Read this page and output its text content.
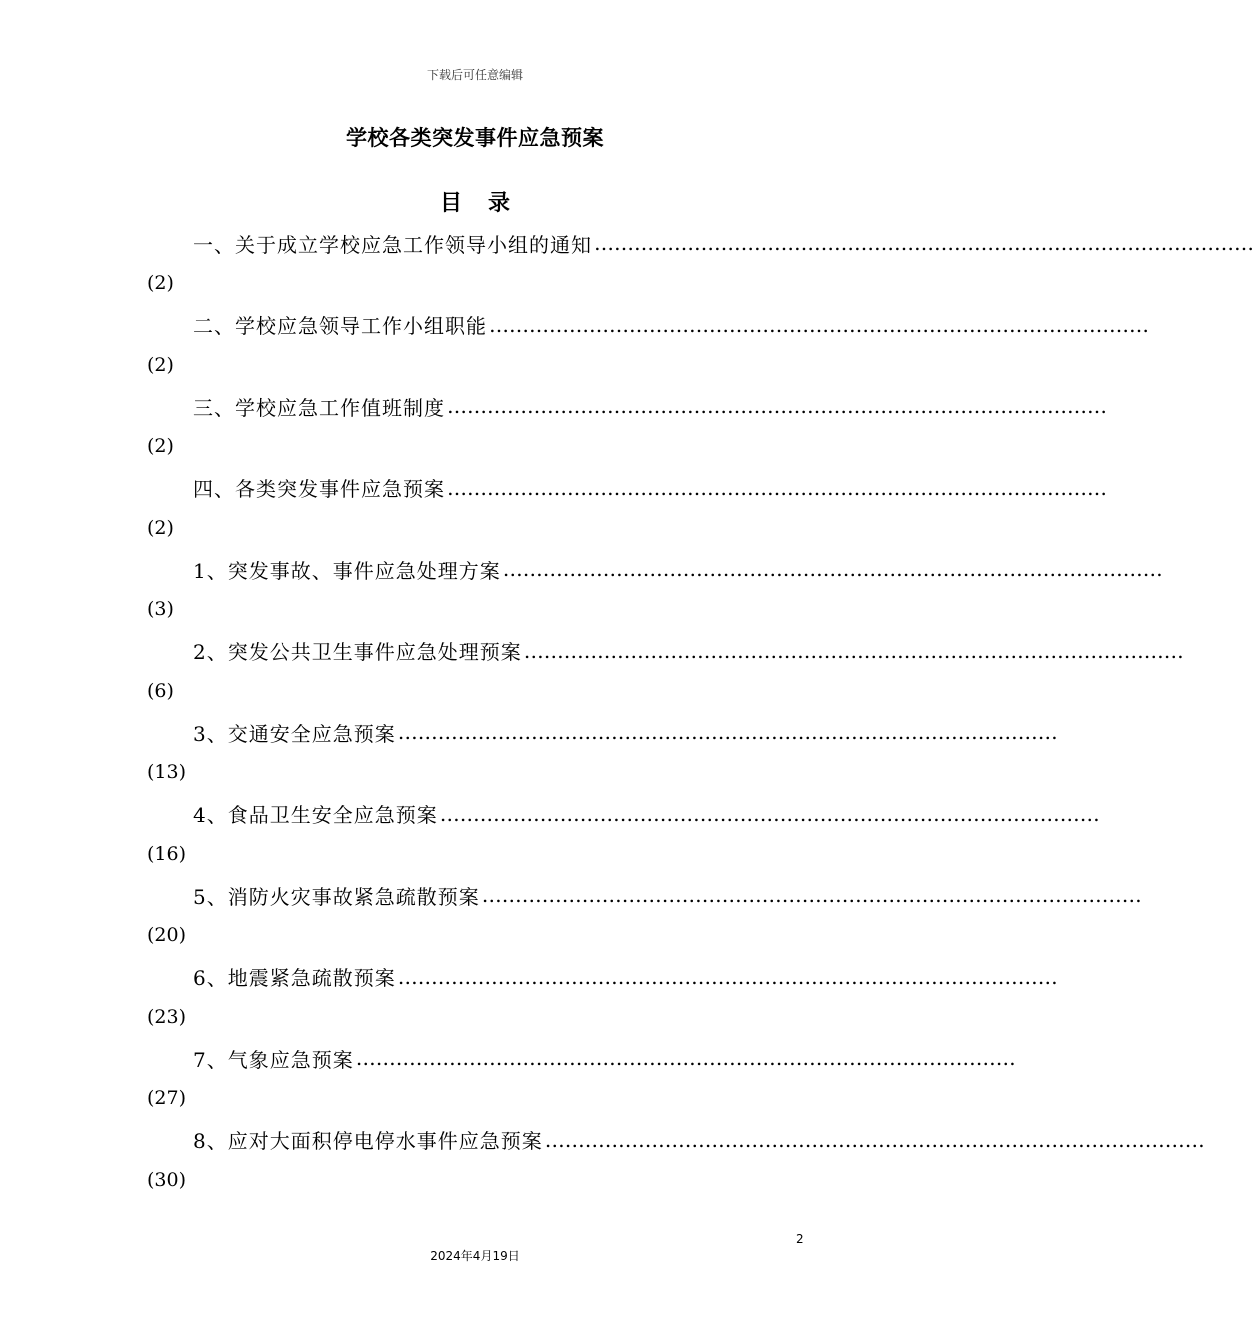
下载后可任意编辑
学校各类突发事件应急预案
目录
一、关于成立学校应急工作领导小组的通知 ………………………………………………………………………………………
(2)
二、学校应急领导工作小组职能 ………………………………………………………………………………………
(2)
三、学校应急工作值班制度 ………………………………………………………………………………………
(2)
四、各类突发事件应急预案 ………………………………………………………………………………………
(2)
1、突发事故、事件应急处理方案 ………………………………………………………………………………………
(3)
2、突发公共卫生事件应急处理预案 ………………………………………………………………………………………
(6)
3、交通安全应急预案 ………………………………………………………………………………………
(13)
4、食品卫生安全应急预案 ………………………………………………………………………………………
(16)
5、消防火灾事故紧急疏散预案 ………………………………………………………………………………………
(20)
6、地震紧急疏散预案 ………………………………………………………………………………………
(23)
7、气象应急预案 ………………………………………………………………………………………
(27)
8、应对大面积停电停水事件应急预案 ………………………………………………………………………………………
(30)
2
2024年4月19日
